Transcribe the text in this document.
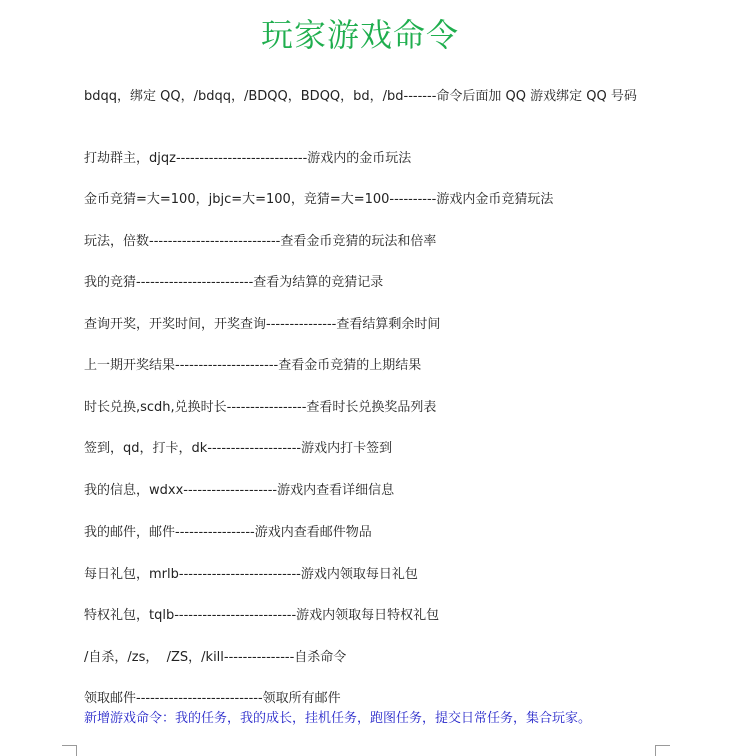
玩家游戏命令

bdqq，绑定 QQ，/bdqq，/BDQQ，BDQQ，bd，/bd-------命令后面加 QQ 游戏绑定 QQ 号码

打劫群主，djqz----------------------------游戏内的金币玩法

金币竞猜=大=100，jbjc=大=100，竞猜=大=100----------游戏内金币竞猜玩法

玩法，倍数----------------------------查看金币竞猜的玩法和倍率

我的竞猜-------------------------查看为结算的竞猜记录

查询开奖，开奖时间，开奖查询---------------查看结算剩余时间

上一期开奖结果----------------------查看金币竞猜的上期结果

时长兑换,scdh,兑换时长-----------------查看时长兑换奖品列表

签到，qd，打卡，dk--------------------游戏内打卡签到

我的信息，wdxx--------------------游戏内查看详细信息

我的邮件，邮件-----------------游戏内查看邮件物品

每日礼包，mrlb--------------------------游戏内领取每日礼包

特权礼包，tqlb--------------------------游戏内领取每日特权礼包

/自杀，/zs，  /ZS，/kill---------------自杀命令

领取邮件---------------------------领取所有邮件

新增游戏命令：我的任务，我的成长，挂机任务，跑图任务，提交日常任务，集合玩家。
